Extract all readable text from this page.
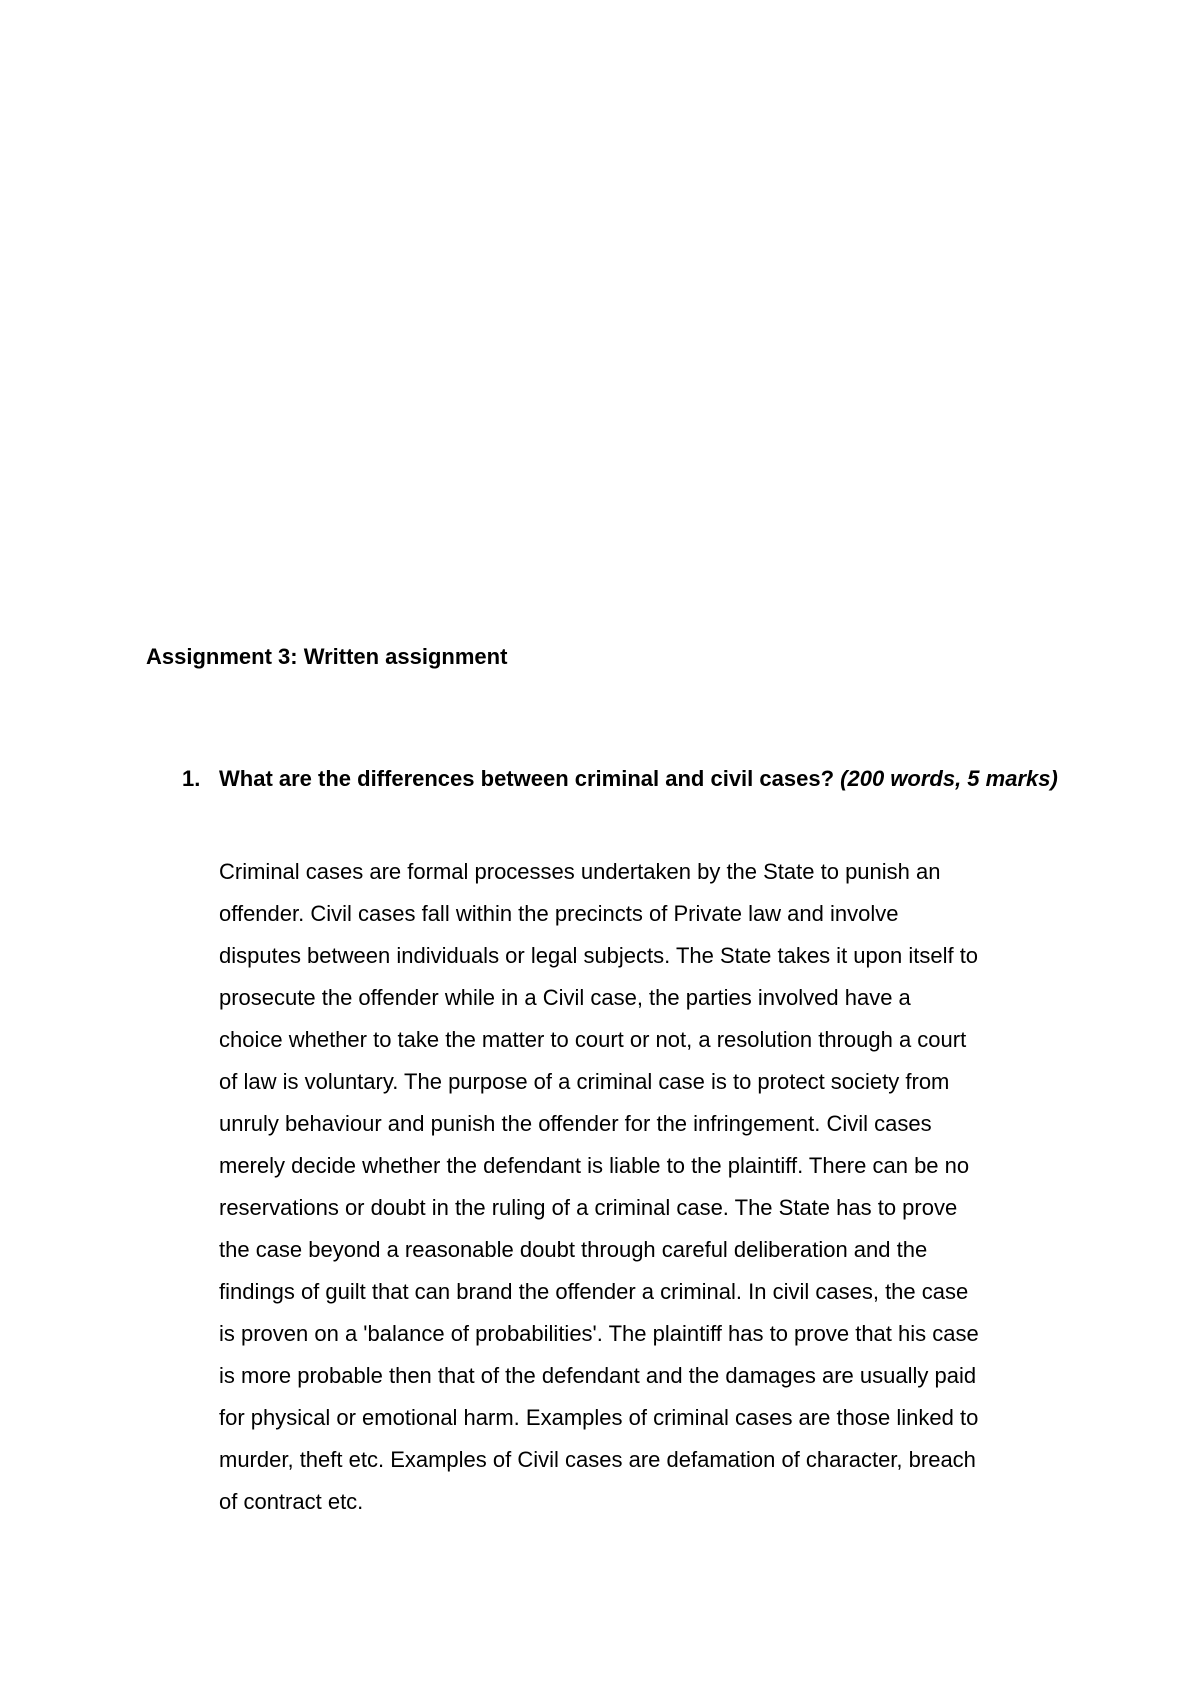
Assignment 3: Written assignment
1. What are the differences between criminal and civil cases? (200 words, 5 marks)

Criminal cases are formal processes undertaken by the State to punish an
offender. Civil cases fall within the precincts of Private law and involve
disputes between individuals or legal subjects. The State takes it upon itself to
prosecute the offender while in a Civil case, the parties involved have a
choice whether to take the matter to court or not, a resolution through a court
of law is voluntary. The purpose of a criminal case is to protect society from
unruly behaviour and punish the offender for the infringement. Civil cases
merely decide whether the defendant is liable to the plaintiff. There can be no
reservations or doubt in the ruling of a criminal case. The State has to prove
the case beyond a reasonable doubt through careful deliberation and the
findings of guilt that can brand the offender a criminal. In civil cases, the case
is proven on a 'balance of probabilities'. The plaintiff has to prove that his case
is more probable then that of the defendant and the damages are usually paid
for physical or emotional harm. Examples of criminal cases are those linked to
murder, theft etc. Examples of Civil cases are defamation of character, breach
of contract etc.
